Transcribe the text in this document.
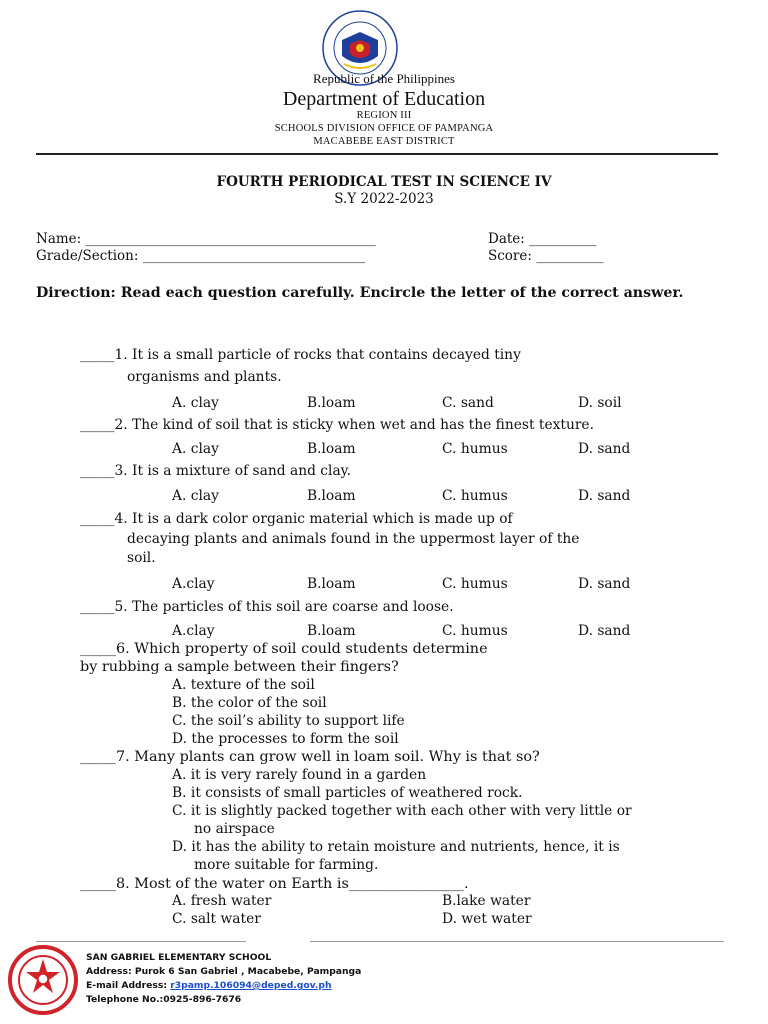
Republic of the Philippines
Department of Education
REGION III
SCHOOLS DIVISION OFFICE OF PAMPANGA
MACABEBE EAST DISTRICT
FOURTH PERIODICAL TEST IN SCIENCE IV
S.Y 2022-2023
Name: ___________________________________________	Date: __________
Grade/Section: _________________________________	Score: __________
Direction: Read each question carefully. Encircle the letter of the correct answer.
_____1. It is a small particle of rocks that contains decayed tiny
organisms and plants.
A. clay	B.loam	C. sand	D. soil
_____2. The kind of soil that is sticky when wet and has the finest texture.
A. clay	B.loam	C. humus	D. sand
_____3. It is a mixture of sand and clay.
A. clay	B.loam	C. humus	D. sand
_____4. It is a dark color organic material which is made up of
decaying plants and animals found in the uppermost layer of the
soil.
A.clay	B.loam	C. humus	D. sand
_____5. The particles of this soil are coarse and loose.
A.clay	B.loam	C. humus	D. sand
_____6. Which property of soil could students determine
by rubbing a sample between their fingers?
A. texture of the soil
B. the color of the soil
C. the soil’s ability to support life
D. the processes to form the soil
_____7. Many plants can grow well in loam soil. Why is that so?
A. it is very rarely found in a garden
B. it consists of small particles of weathered rock.
C. it is slightly packed together with each other with very little or
no airspace
D. it has the ability to retain moisture and nutrients, hence, it is
more suitable for farming.
_____8. Most of the water on Earth is________________.
A. fresh water	B.lake water
C. salt water	D. wet water
SAN GABRIEL ELEMENTARY SCHOOL
Address: Purok 6 San Gabriel , Macabebe, Pampanga
E-mail Address: r3pamp.106094@deped.gov.ph
Telephone No.:0925-896-7676
